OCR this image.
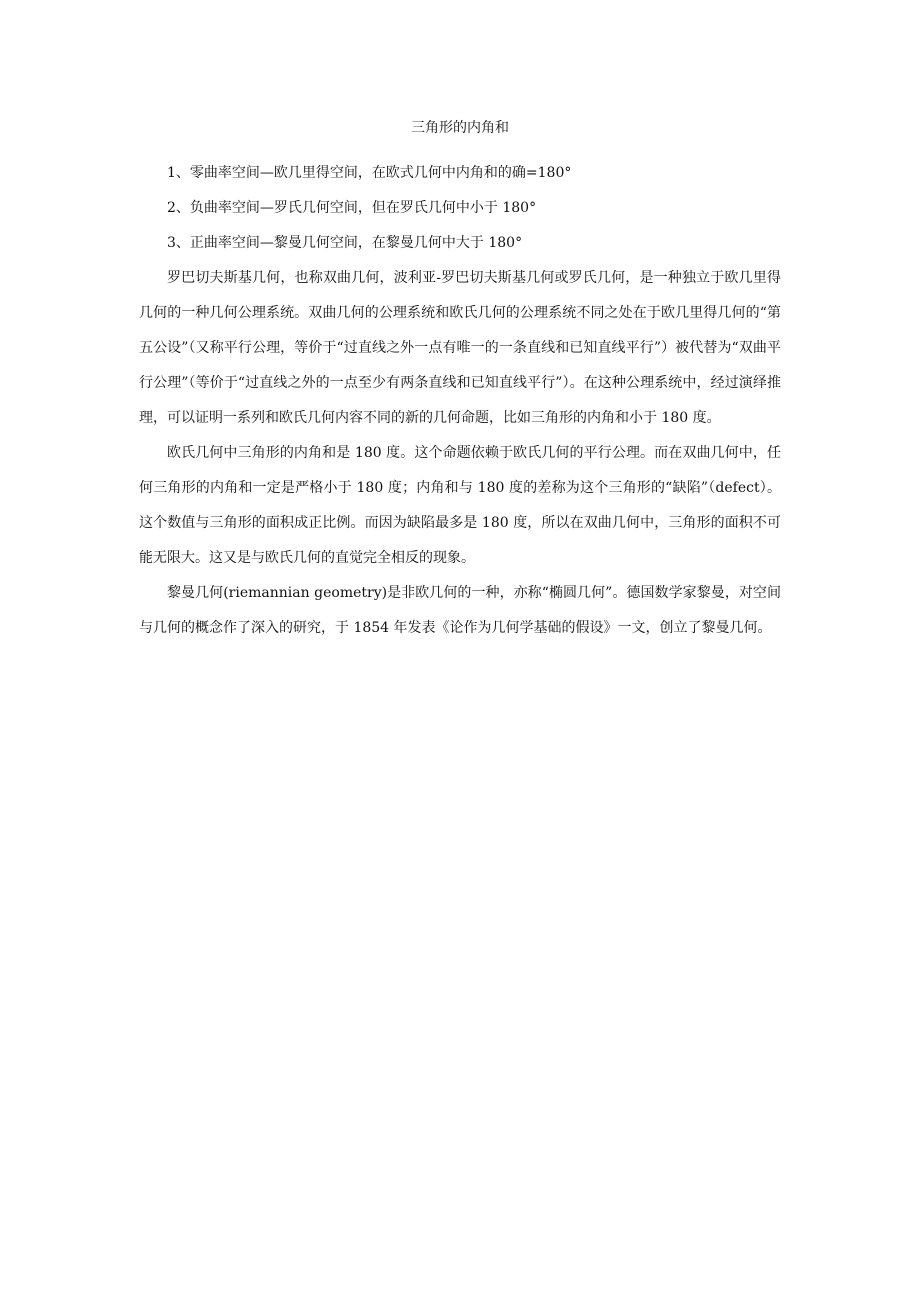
三角形的内角和
1、零曲率空间—欧几里得空间，在欧式几何中内角和的确=180°
2、负曲率空间—罗氏几何空间，但在罗氏几何中小于 180°
3、正曲率空间—黎曼几何空间，在黎曼几何中大于 180°

罗巴切夫斯基几何，也称双曲几何，波利亚-罗巴切夫斯基几何或罗氏几何，是一种独立于欧几里得几何的一种几何公理系统。双曲几何的公理系统和欧氏几何的公理系统不同之处在于欧几里得几何的“第五公设”（又称平行公理，等价于“过直线之外一点有唯一的一条直线和已知直线平行”）被代替为“双曲平行公理”（等价于“过直线之外的一点至少有两条直线和已知直线平行”）。在这种公理系统中，经过演绎推理，可以证明一系列和欧氏几何内容不同的新的几何命题，比如三角形的内角和小于 180 度。

欧氏几何中三角形的内角和是 180 度。这个命题依赖于欧氏几何的平行公理。而在双曲几何中，任何三角形的内角和一定是严格小于 180 度；内角和与 180 度的差称为这个三角形的“缺陷”（defect）。这个数值与三角形的面积成正比例。而因为缺陷最多是 180 度，所以在双曲几何中，三角形的面积不可能无限大。这又是与欧氏几何的直觉完全相反的现象。

黎曼几何(riemannian geometry)是非欧几何的一种，亦称“椭圆几何”。德国数学家黎曼，对空间与几何的概念作了深入的研究，于 1854 年发表《论作为几何学基础的假设》一文，创立了黎曼几何。
